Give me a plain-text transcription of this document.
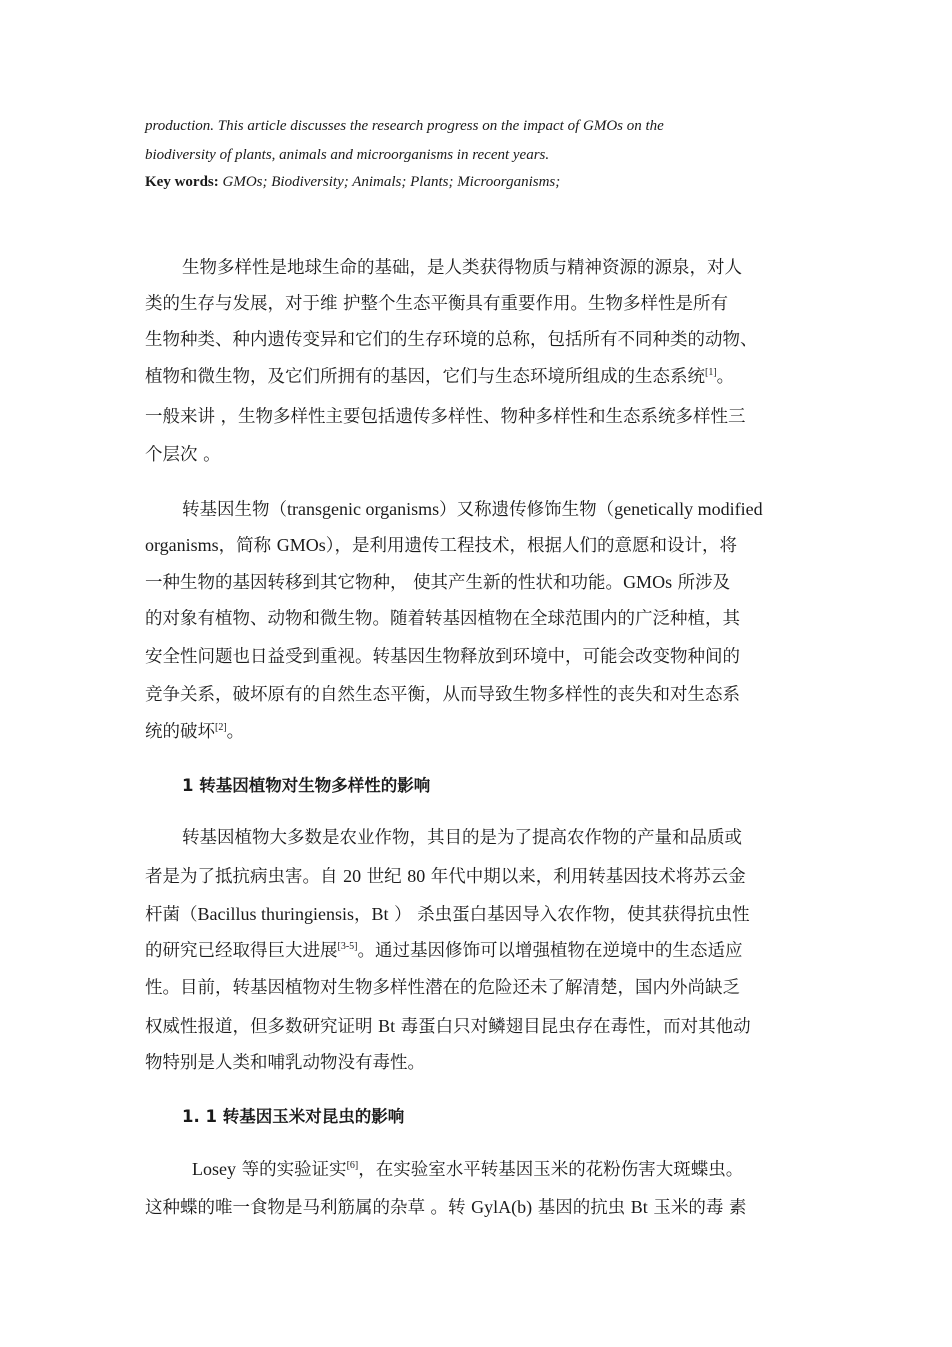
production. This article discusses the research progress on the impact of GMOs on the
biodiversity of plants, animals and microorganisms in recent years.
Key words: GMOs; Biodiversity; Animals; Plants; Microorganisms;
生物多样性是地球生命的基础，是人类获得物质与精神资源的源泉，对人
类的生存与发展，对于维 护整个生态平衡具有重要作用。生物多样性是所有
生物种类、种内遗传变异和它们的生存环境的总称，包括所有不同种类的动物、
植物和微生物，及它们所拥有的基因，它们与生态环境所组成的生态系统[1]。
一般来讲 ，生物多样性主要包括遗传多样性、物种多样性和生态系统多样性三
个层次 。
转基因生物（transgenic organisms）又称遗传修饰生物（genetically modified
organisms，简称 GMOs），是利用遗传工程技术，根据人们的意愿和设计，将
一种生物的基因转移到其它物种， 使其产生新的性状和功能。GMOs 所涉及
的对象有植物、动物和微生物。随着转基因植物在全球范围内的广泛种植，其
安全性问题也日益受到重视。转基因生物释放到环境中，可能会改变物种间的
竞争关系，破坏原有的自然生态平衡，从而导致生物多样性的丧失和对生态系
统的破坏[2]。
1 转基因植物对生物多样性的影响
转基因植物大多数是农业作物，其目的是为了提高农作物的产量和品质或
者是为了抵抗病虫害。自 20 世纪 80 年代中期以来，利用转基因技术将苏云金
杆菌（Bacillus thuringiensis，Bt ） 杀虫蛋白基因导入农作物，使其获得抗虫性
的研究已经取得巨大进展[3-5]。通过基因修饰可以增强植物在逆境中的生态适应
性。目前，转基因植物对生物多样性潜在的危险还未了解清楚，国内外尚缺乏
权威性报道，但多数研究证明 Bt 毒蛋白只对鳞翅目昆虫存在毒性，而对其他动
物特别是人类和哺乳动物没有毒性。
1. 1 转基因玉米对昆虫的影响
Losey 等的实验证实[6]，在实验室水平转基因玉米的花粉伤害大斑蝶虫。
这种蝶的唯一食物是马利筋属的杂草 。转 GylA(b) 基因的抗虫 Bt 玉米的毒 素
